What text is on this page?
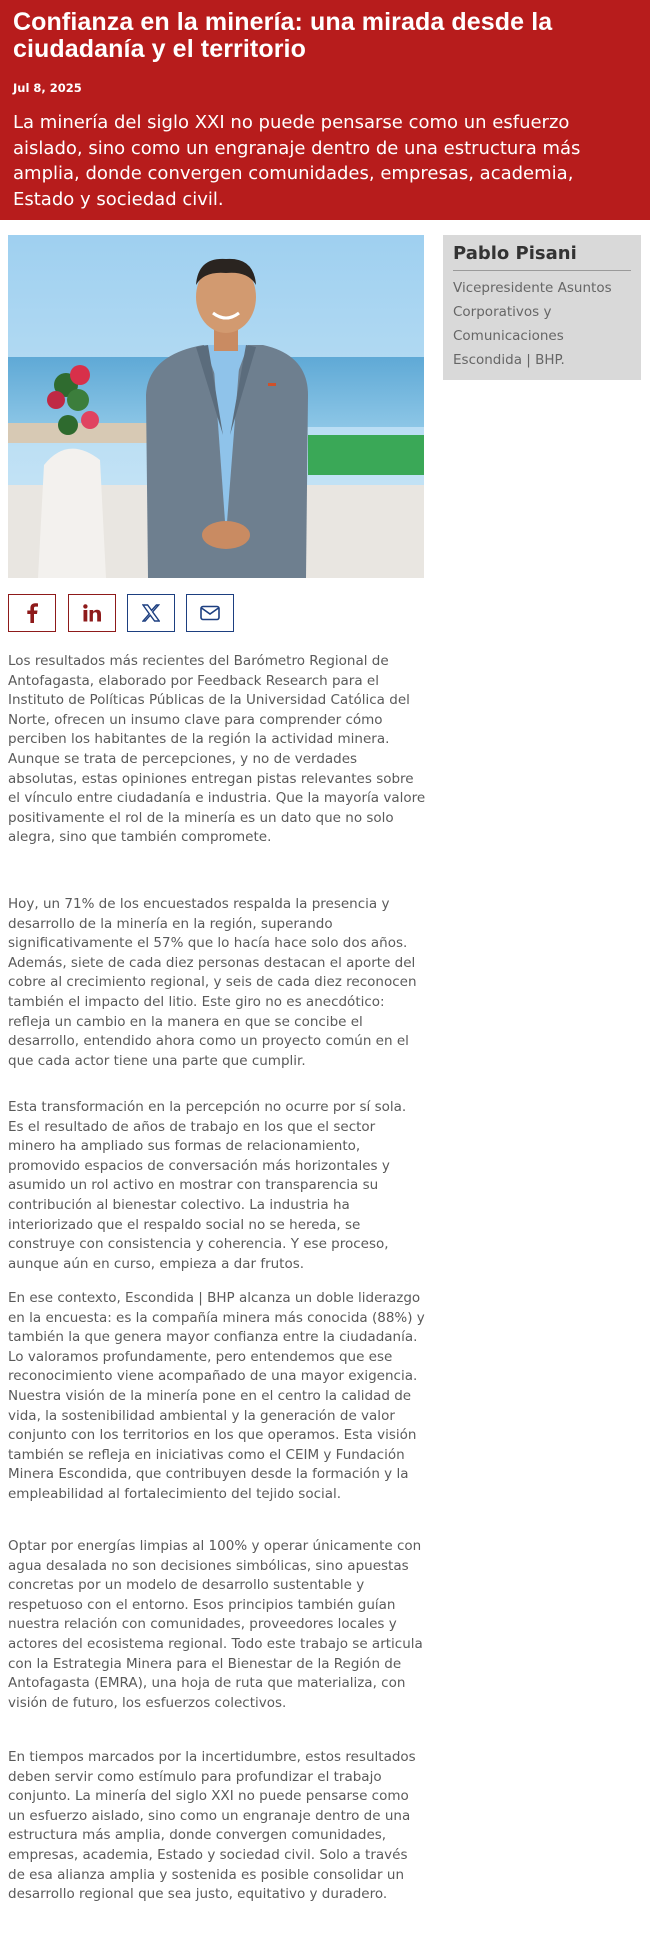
Confianza en la minería: una mirada desde la ciudadanía y el territorio
Jul 8, 2025
La minería del siglo XXI no puede pensarse como un esfuerzo aislado, sino como un engranaje dentro de una estructura más amplia, donde convergen comunidades, empresas, academia, Estado y sociedad civil.
Pablo Pisani
Vicepresidente Asuntos Corporativos y Comunicaciones Escondida | BHP.

Los resultados más recientes del Barómetro Regional de Antofagasta, elaborado por Feedback Research para el Instituto de Políticas Públicas de la Universidad Católica del Norte, ofrecen un insumo clave para comprender cómo perciben los habitantes de la región la actividad minera. Aunque se trata de percepciones, y no de verdades absolutas, estas opiniones entregan pistas relevantes sobre el vínculo entre ciudadanía e industria. Que la mayoría valore positivamente el rol de la minería es un dato que no solo alegra, sino que también compromete.

Hoy, un 71% de los encuestados respalda la presencia y desarrollo de la minería en la región, superando significativamente el 57% que lo hacía hace solo dos años. Además, siete de cada diez personas destacan el aporte del cobre al crecimiento regional, y seis de cada diez reconocen también el impacto del litio. Este giro no es anecdótico: refleja un cambio en la manera en que se concibe el desarrollo, entendido ahora como un proyecto común en el que cada actor tiene una parte que cumplir.

Esta transformación en la percepción no ocurre por sí sola. Es el resultado de años de trabajo en los que el sector minero ha ampliado sus formas de relacionamiento, promovido espacios de conversación más horizontales y asumido un rol activo en mostrar con transparencia su contribución al bienestar colectivo. La industria ha interiorizado que el respaldo social no se hereda, se construye con consistencia y coherencia. Y ese proceso, aunque aún en curso, empieza a dar frutos.

En ese contexto, Escondida | BHP alcanza un doble liderazgo en la encuesta: es la compañía minera más conocida (88%) y también la que genera mayor confianza entre la ciudadanía. Lo valoramos profundamente, pero entendemos que ese reconocimiento viene acompañado de una mayor exigencia. Nuestra visión de la minería pone en el centro la calidad de vida, la sostenibilidad ambiental y la generación de valor conjunto con los territorios en los que operamos. Esta visión también se refleja en iniciativas como el CEIM y Fundación Minera Escondida, que contribuyen desde la formación y la empleabilidad al fortalecimiento del tejido social.

Optar por energías limpias al 100% y operar únicamente con agua desalada no son decisiones simbólicas, sino apuestas concretas por un modelo de desarrollo sustentable y respetuoso con el entorno. Esos principios también guían nuestra relación con comunidades, proveedores locales y actores del ecosistema regional. Todo este trabajo se articula con la Estrategia Minera para el Bienestar de la Región de Antofagasta (EMRA), una hoja de ruta que materializa, con visión de futuro, los esfuerzos colectivos.

En tiempos marcados por la incertidumbre, estos resultados deben servir como estímulo para profundizar el trabajo conjunto. La minería del siglo XXI no puede pensarse como un esfuerzo aislado, sino como un engranaje dentro de una estructura más amplia, donde convergen comunidades, empresas, academia, Estado y sociedad civil. Solo a través de esa alianza amplia y sostenida es posible consolidar un desarrollo regional que sea justo, equitativo y duradero.
